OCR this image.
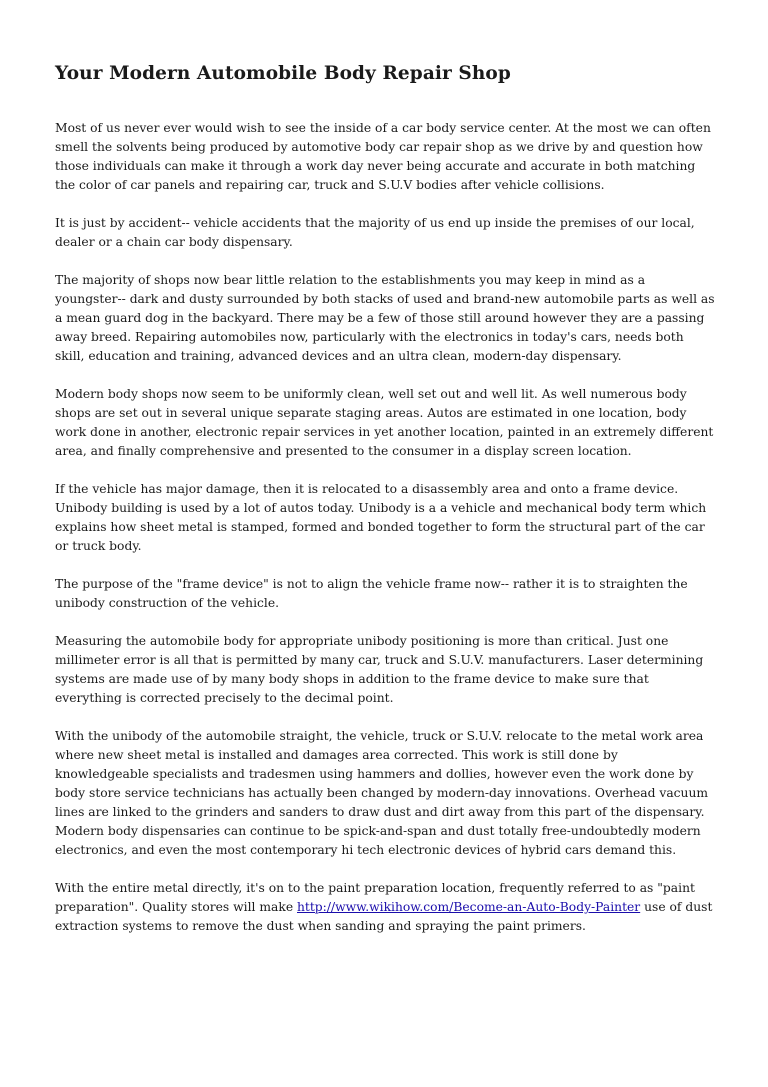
Your Modern Automobile Body Repair Shop

Most of us never ever would wish to see the inside of a car body service center. At the most we can often smell the solvents being produced by automotive body car repair shop as we drive by and question how those individuals can make it through a work day never being accurate and accurate in both matching the color of car panels and repairing car, truck and S.U.V bodies after vehicle collisions.

It is just by accident-- vehicle accidents that the majority of us end up inside the premises of our local, dealer or a chain car body dispensary.

The majority of shops now bear little relation to the establishments you may keep in mind as a youngster-- dark and dusty surrounded by both stacks of used and brand-new automobile parts as well as a mean guard dog in the backyard. There may be a few of those still around however they are a passing away breed. Repairing automobiles now, particularly with the electronics in today's cars, needs both skill, education and training, advanced devices and an ultra clean, modern-day dispensary.

Modern body shops now seem to be uniformly clean, well set out and well lit. As well numerous body shops are set out in several unique separate staging areas. Autos are estimated in one location, body work done in another, electronic repair services in yet another location, painted in an extremely different area, and finally comprehensive and presented to the consumer in a display screen location.

If the vehicle has major damage, then it is relocated to a disassembly area and onto a frame device. Unibody building is used by a lot of autos today. Unibody is a a vehicle and mechanical body term which explains how sheet metal is stamped, formed and bonded together to form the structural part of the car or truck body.

The purpose of the "frame device" is not to align the vehicle frame now-- rather it is to straighten the unibody construction of the vehicle.

Measuring the automobile body for appropriate unibody positioning is more than critical. Just one millimeter error is all that is permitted by many car, truck and S.U.V. manufacturers. Laser determining systems are made use of by many body shops in addition to the frame device to make sure that everything is corrected precisely to the decimal point.

With the unibody of the automobile straight, the vehicle, truck or S.U.V. relocate to the metal work area where new sheet metal is installed and damages area corrected. This work is still done by knowledgeable specialists and tradesmen using hammers and dollies, however even the work done by body store service technicians has actually been changed by modern-day innovations. Overhead vacuum lines are linked to the grinders and sanders to draw dust and dirt away from this part of the dispensary. Modern body dispensaries can continue to be spick-and-span and dust totally free-undoubtedly modern electronics, and even the most contemporary hi tech electronic devices of hybrid cars demand this.

With the entire metal directly, it's on to the paint preparation location, frequently referred to as "paint preparation". Quality stores will make http://www.wikihow.com/Become-an-Auto-Body-Painter use of dust extraction systems to remove the dust when sanding and spraying the paint primers.
